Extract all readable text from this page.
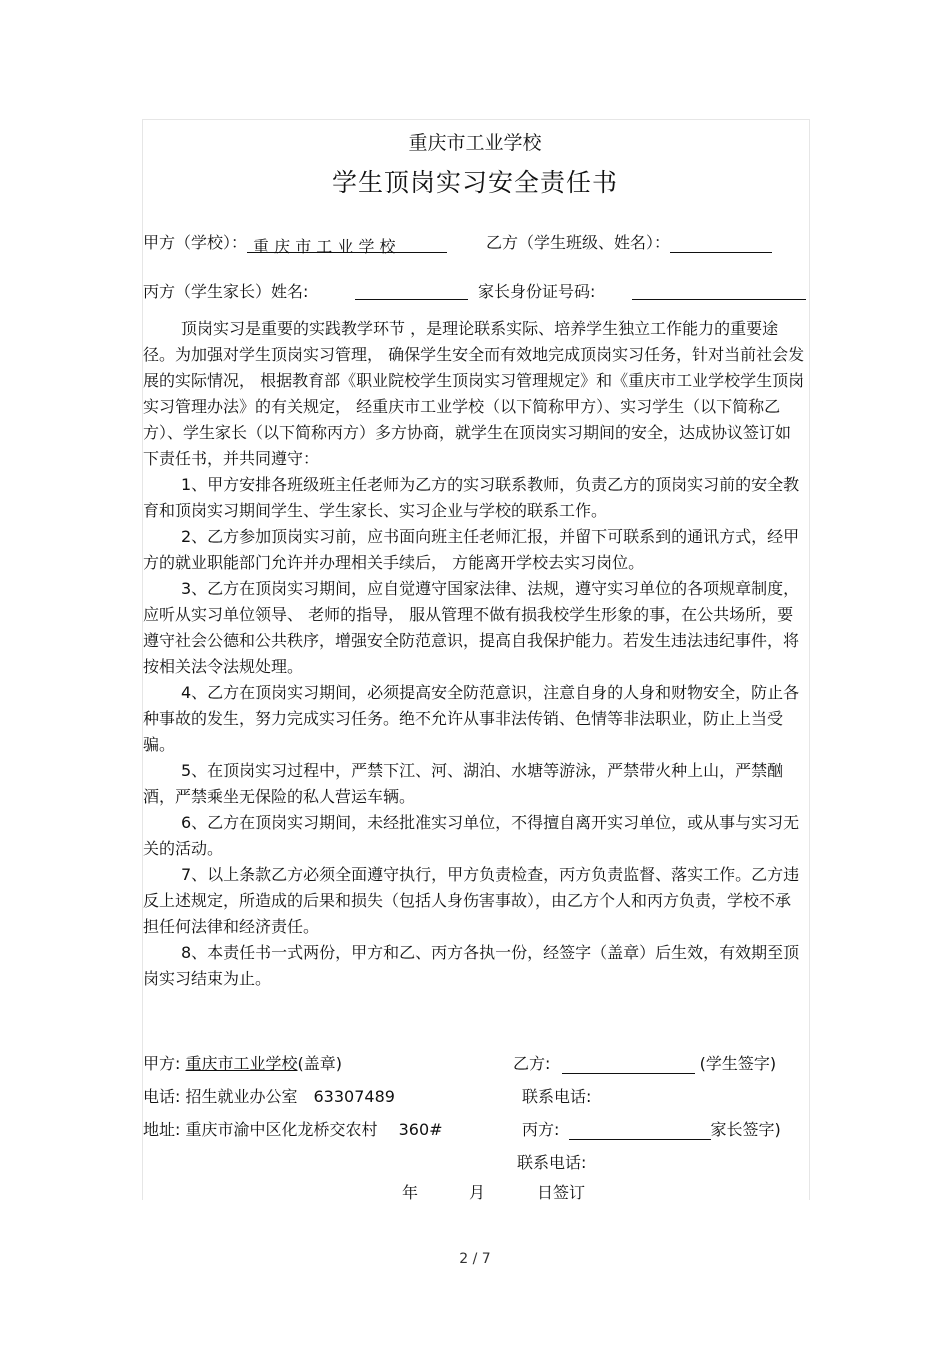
重庆市工业学校
学生顶岗实习安全责任书
甲方（学校）： 重 庆 市 工 业 学 校	乙方（学生班级、姓名）：
丙方（学生家长）姓名:	家长身份证号码:

顶岗实习是重要的实践教学环节 ，是理论联系实际、培养学生独立工作能力的重要途径。为加强对学生顶岗实习管理， 确保学生安全而有效地完成顶岗实习任务，针对当前社会发展的实际情况， 根据教育部《职业院校学生顶岗实习管理规定》和《重庆市工业学校学生顶岗实习管理办法》的有关规定， 经重庆市工业学校（以下简称甲方）、实习学生（以下简称乙方）、学生家长（以下简称丙方）多方协商，就学生在顶岗实习期间的安全，达成协议签订如下责任书，并共同遵守：

1、甲方安排各班级班主任老师为乙方的实习联系教师，负责乙方的顶岗实习前的安全教育和顶岗实习期间学生、学生家长、实习企业与学校的联系工作。

2、乙方参加顶岗实习前，应书面向班主任老师汇报，并留下可联系到的通讯方式，经甲方的就业职能部门允许并办理相关手续后， 方能离开学校去实习岗位。

3、乙方在顶岗实习期间，应自觉遵守国家法律、法规，遵守实习单位的各项规章制度，应听从实习单位领导、 老师的指导， 服从管理不做有损我校学生形象的事，在公共场所，要遵守社会公德和公共秩序，增强安全防范意识，提高自我保护能力。若发生违法违纪事件，将按相关法令法规处理。

4、乙方在顶岗实习期间，必须提高安全防范意识，注意自身的人身和财物安全，防止各种事故的发生，努力完成实习任务。绝不允许从事非法传销、色情等非法职业，防止上当受骗。

5、在顶岗实习过程中，严禁下江、河、湖泊、水塘等游泳，严禁带火种上山，严禁酗酒，严禁乘坐无保险的私人营运车辆。

6、乙方在顶岗实习期间，未经批准实习单位，不得擅自离开实习单位，或从事与实习无关的活动。

7、以上条款乙方必须全面遵守执行，甲方负责检查，丙方负责监督、落实工作。乙方违反上述规定，所造成的后果和损失（包括人身伤害事故），由乙方个人和丙方负责，学校不承担任何法律和经济责任。

8、本责任书一式两份，甲方和乙、丙方各执一份，经签字（盖章）后生效，有效期至顶岗实习结束为止。

甲方: 重庆市工业学校(盖章)	乙方:	(学生签字)
电话: 招生就业办公室　63307489	联系电话:
地址: 重庆市渝中区化龙桥交农村　 360#	丙方:	家长签字)
联系电话:
年	月	日签订
2 / 7
